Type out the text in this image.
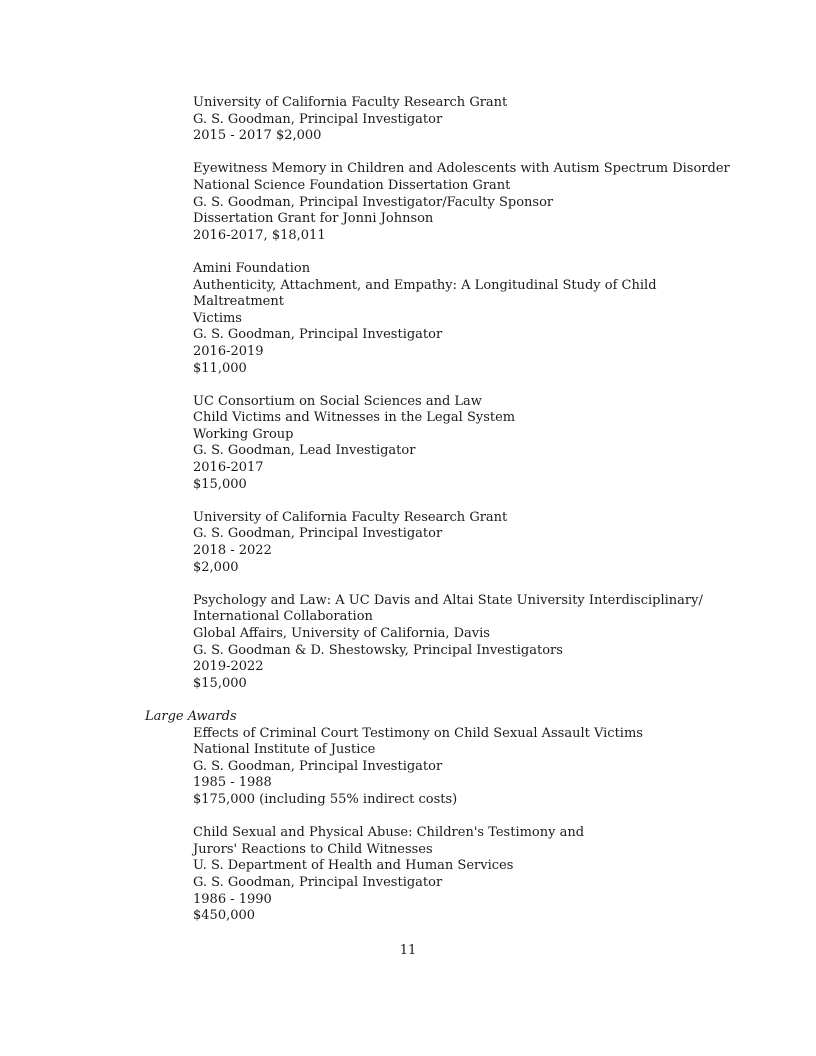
University of California Faculty Research Grant
G. S. Goodman, Principal Investigator
2015 - 2017 $2,000
Eyewitness Memory in Children and Adolescents with Autism Spectrum Disorder
National Science Foundation Dissertation Grant
G. S. Goodman, Principal Investigator/Faculty Sponsor
Dissertation Grant for Jonni Johnson
2016-2017, $18,011
Amini Foundation
Authenticity, Attachment, and Empathy: A Longitudinal Study of Child Maltreatment
Victims
G. S. Goodman, Principal Investigator
2016-2019
$11,000
UC Consortium on Social Sciences and Law
Child Victims and Witnesses in the Legal System
Working Group
G. S. Goodman, Lead Investigator
2016-2017
$15,000
University of California Faculty Research Grant
G. S. Goodman, Principal Investigator
2018 - 2022
$2,000
Psychology and Law: A UC Davis and Altai State University Interdisciplinary/
International Collaboration
Global Affairs, University of California, Davis
G. S. Goodman & D. Shestowsky, Principal Investigators
2019-2022
$15,000
Large Awards
Effects of Criminal Court Testimony on Child Sexual Assault Victims
National Institute of Justice
G. S. Goodman, Principal Investigator
1985 - 1988
$175,000 (including 55% indirect costs)
Child Sexual and Physical Abuse: Children's Testimony and
Jurors' Reactions to Child Witnesses
U. S. Department of Health and Human Services
G. S. Goodman, Principal Investigator
1986 - 1990
$450,000
11
